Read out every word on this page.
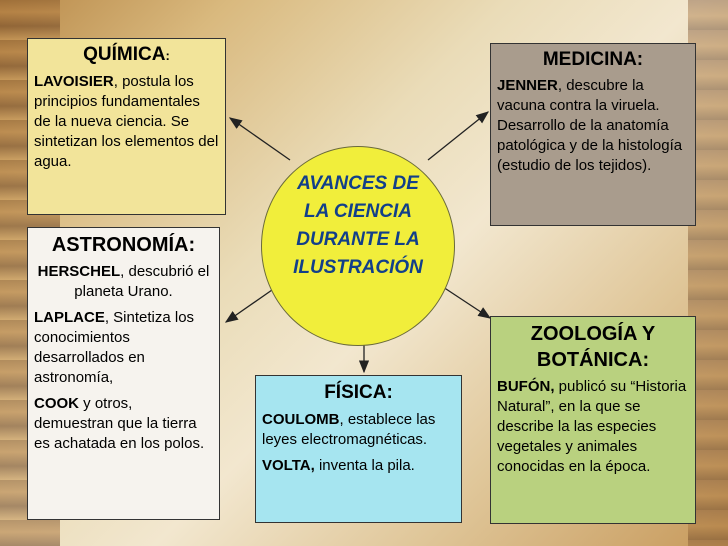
AVANCES DE
LA CIENCIA
DURANTE LA
ILUSTRACIÓN
QUÍMICA:

LAVOISIER, postula los principios fundamentales de la nueva ciencia. Se sintetizan los elementos del agua.

MEDICINA:

JENNER, descubre la vacuna contra la viruela. Desarrollo de la anatomía patológica y de la histología (estudio de los tejidos).

ASTRONOMÍA:

HERSCHEL, descubrió el planeta Urano.

LAPLACE, Sintetiza los conocimientos desarrollados en astronomía,

COOK y otros, demuestran que la tierra es achatada en los polos.

ZOOLOGÍA Y BOTÁNICA:

BUFÓN, publicó su “Historia Natural”, en la que se describe la las especies vegetales y animales conocidas en la época.

FÍSICA:

COULOMB, establece las leyes electromagnéticas.

VOLTA, inventa la pila.
